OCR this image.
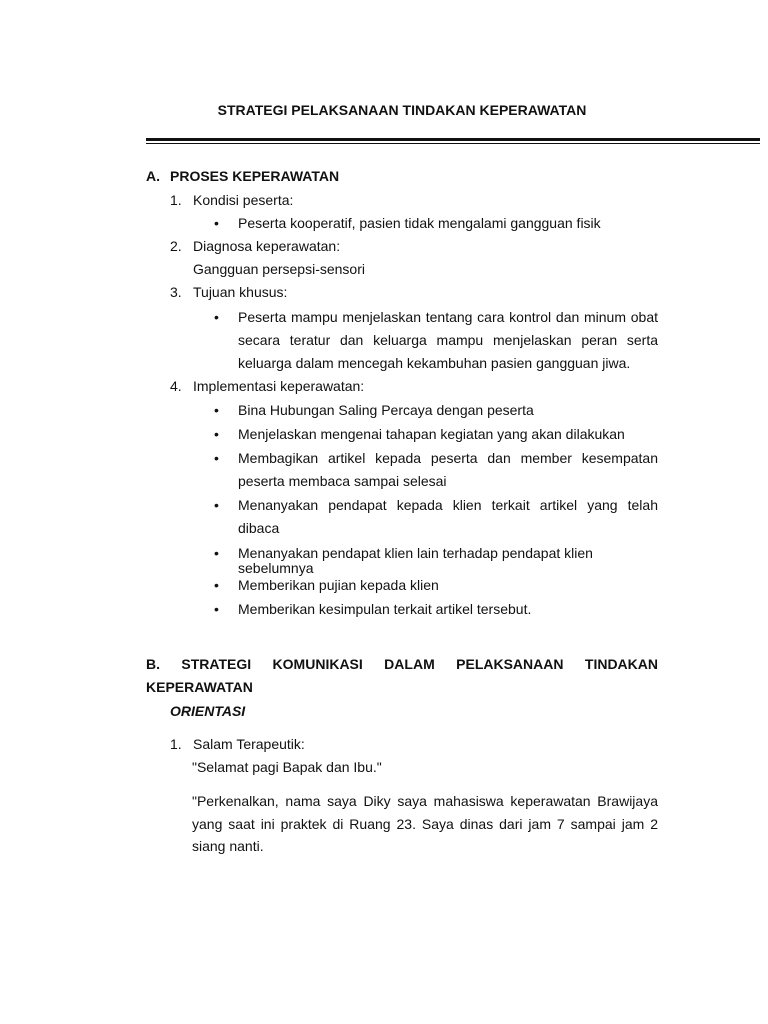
STRATEGI PELAKSANAAN TINDAKAN KEPERAWATAN
A. PROSES KEPERAWATAN
1. Kondisi peserta:
• Peserta kooperatif, pasien tidak mengalami gangguan fisik
2. Diagnosa keperawatan:
Gangguan persepsi-sensori
3. Tujuan khusus:
• Peserta mampu menjelaskan tentang cara kontrol dan minum obat
secara teratur dan keluarga mampu menjelaskan peran serta
keluarga dalam mencegah kekambuhan pasien gangguan jiwa.
4. Implementasi keperawatan:
• Bina Hubungan Saling Percaya dengan peserta
• Menjelaskan mengenai tahapan kegiatan yang akan dilakukan
• Membagikan artikel kepada peserta dan member kesempatan
peserta membaca sampai selesai
• Menanyakan pendapat kepada klien terkait artikel yang telah
dibaca
• Menanyakan pendapat klien lain terhadap pendapat klien
sebelumnya
• Memberikan pujian kepada klien
• Memberikan kesimpulan terkait artikel tersebut.
B. STRATEGI KOMUNIKASI DALAM PELAKSANAAN TINDAKAN
KEPERAWATAN
ORIENTASI
1. Salam Terapeutik:
"Selamat pagi Bapak dan Ibu."
"Perkenalkan, nama saya Diky saya mahasiswa keperawatan Brawijaya
yang saat ini praktek di Ruang 23. Saya dinas dari jam 7 sampai jam 2
siang nanti.
